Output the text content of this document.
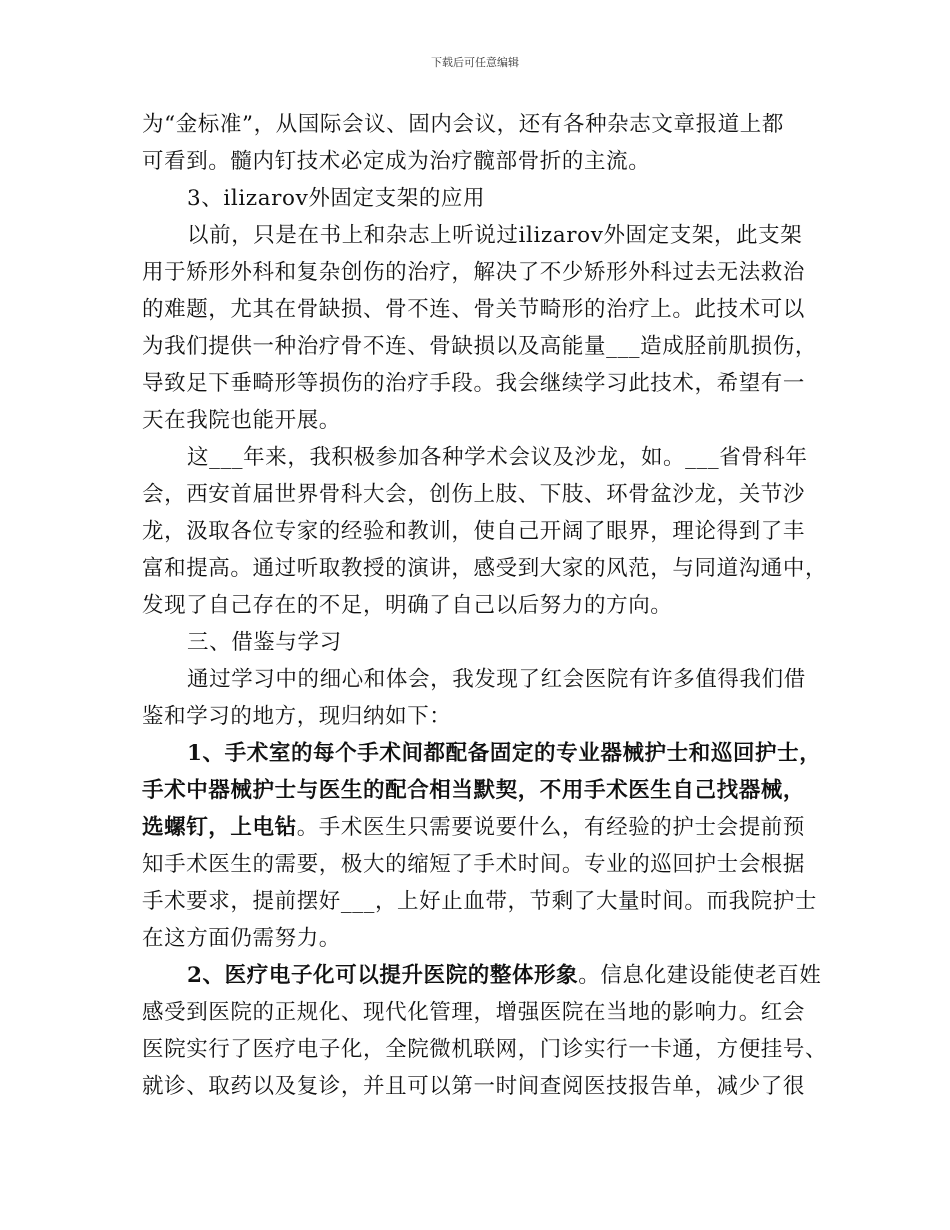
下载后可任意编辑
为“金标准”，从国际会议、固内会议，还有各种杂志文章报道上都
可看到。髓内钉技术必定成为治疗髋部骨折的主流。
3、ilizarov外固定支架的应用
以前，只是在书上和杂志上听说过ilizarov外固定支架，此支架
用于矫形外科和复杂创伤的治疗，解决了不少矫形外科过去无法救治
的难题，尤其在骨缺损、骨不连、骨关节畸形的治疗上。此技术可以
为我们提供一种治疗骨不连、骨缺损以及高能量___造成胫前肌损伤，
导致足下垂畸形等损伤的治疗手段。我会继续学习此技术，希望有一
天在我院也能开展。
这___年来，我积极参加各种学术会议及沙龙，如。___省骨科年
会，西安首届世界骨科大会，创伤上肢、下肢、环骨盆沙龙，关节沙
龙，汲取各位专家的经验和教训，使自己开阔了眼界，理论得到了丰
富和提高。通过听取教授的演讲，感受到大家的风范，与同道沟通中，
发现了自己存在的不足，明确了自己以后努力的方向。
三、借鉴与学习
通过学习中的细心和体会，我发现了红会医院有许多值得我们借
鉴和学习的地方，现归纳如下：
1、手术室的每个手术间都配备固定的专业器械护士和巡回护士，
手术中器械护士与医生的配合相当默契，不用手术医生自己找器械，
选螺钉，上电钻。手术医生只需要说要什么，有经验的护士会提前预
知手术医生的需要，极大的缩短了手术时间。专业的巡回护士会根据
手术要求，提前摆好___，上好止血带，节剩了大量时间。而我院护士
在这方面仍需努力。
2、医疗电子化可以提升医院的整体形象。信息化建设能使老百姓
感受到医院的正规化、现代化管理，增强医院在当地的影响力。红会
医院实行了医疗电子化，全院微机联网，门诊实行一卡通，方便挂号、
就诊、取药以及复诊，并且可以第一时间查阅医技报告单，减少了很
